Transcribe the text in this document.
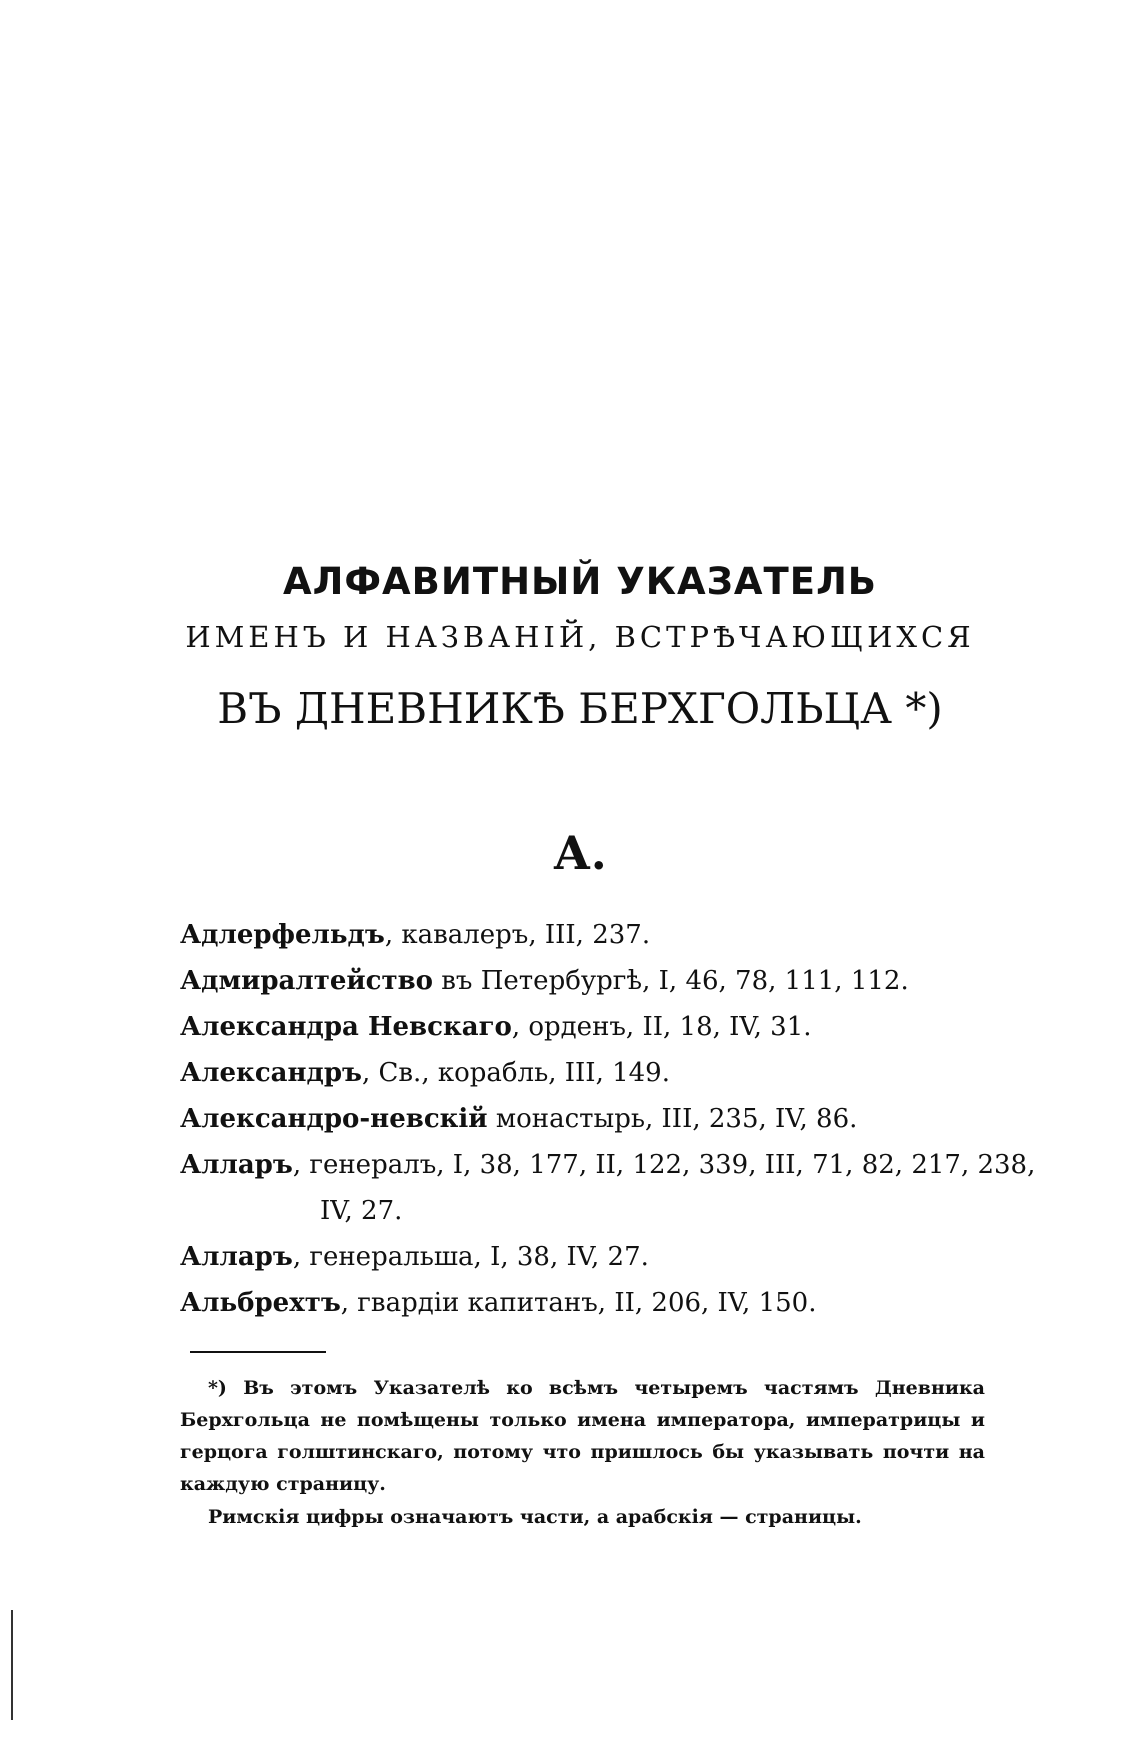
АЛФАВИТНЫЙ УКАЗАТЕЛЬ
ИМЕНЪ И НАЗВАНІЙ, ВСТРѢЧАЮЩИХСЯ
ВЪ ДНЕВНИКѢ БЕРХГОЛЬЦА *)
А.
Адлерфельдъ, кавалеръ, III, 237.
Адмиралтейство въ Петербургѣ, I, 46, 78, 111, 112.
Александра Невскаго, орденъ, II, 18, IV, 31.
Александръ, Св., корабль, III, 149.
Александро-невскій монастырь, III, 235, IV, 86.
Алларъ, генералъ, I, 38, 177, II, 122, 339, III, 71, 82, 217, 238,
IV, 27.
Алларъ, генеральша, I, 38, IV, 27.
Альбрехтъ, гвардіи капитанъ, II, 206, IV, 150.

*) Въ этомъ Указателѣ ко всѣмъ четыремъ частямъ Дневника Берхгольца не помѣщены только имена императора, императрицы и герцога голштинскаго, потому что пришлось бы указывать почти на каждую страницу.

Римскія цифры означаютъ части, а арабскія — страницы.
